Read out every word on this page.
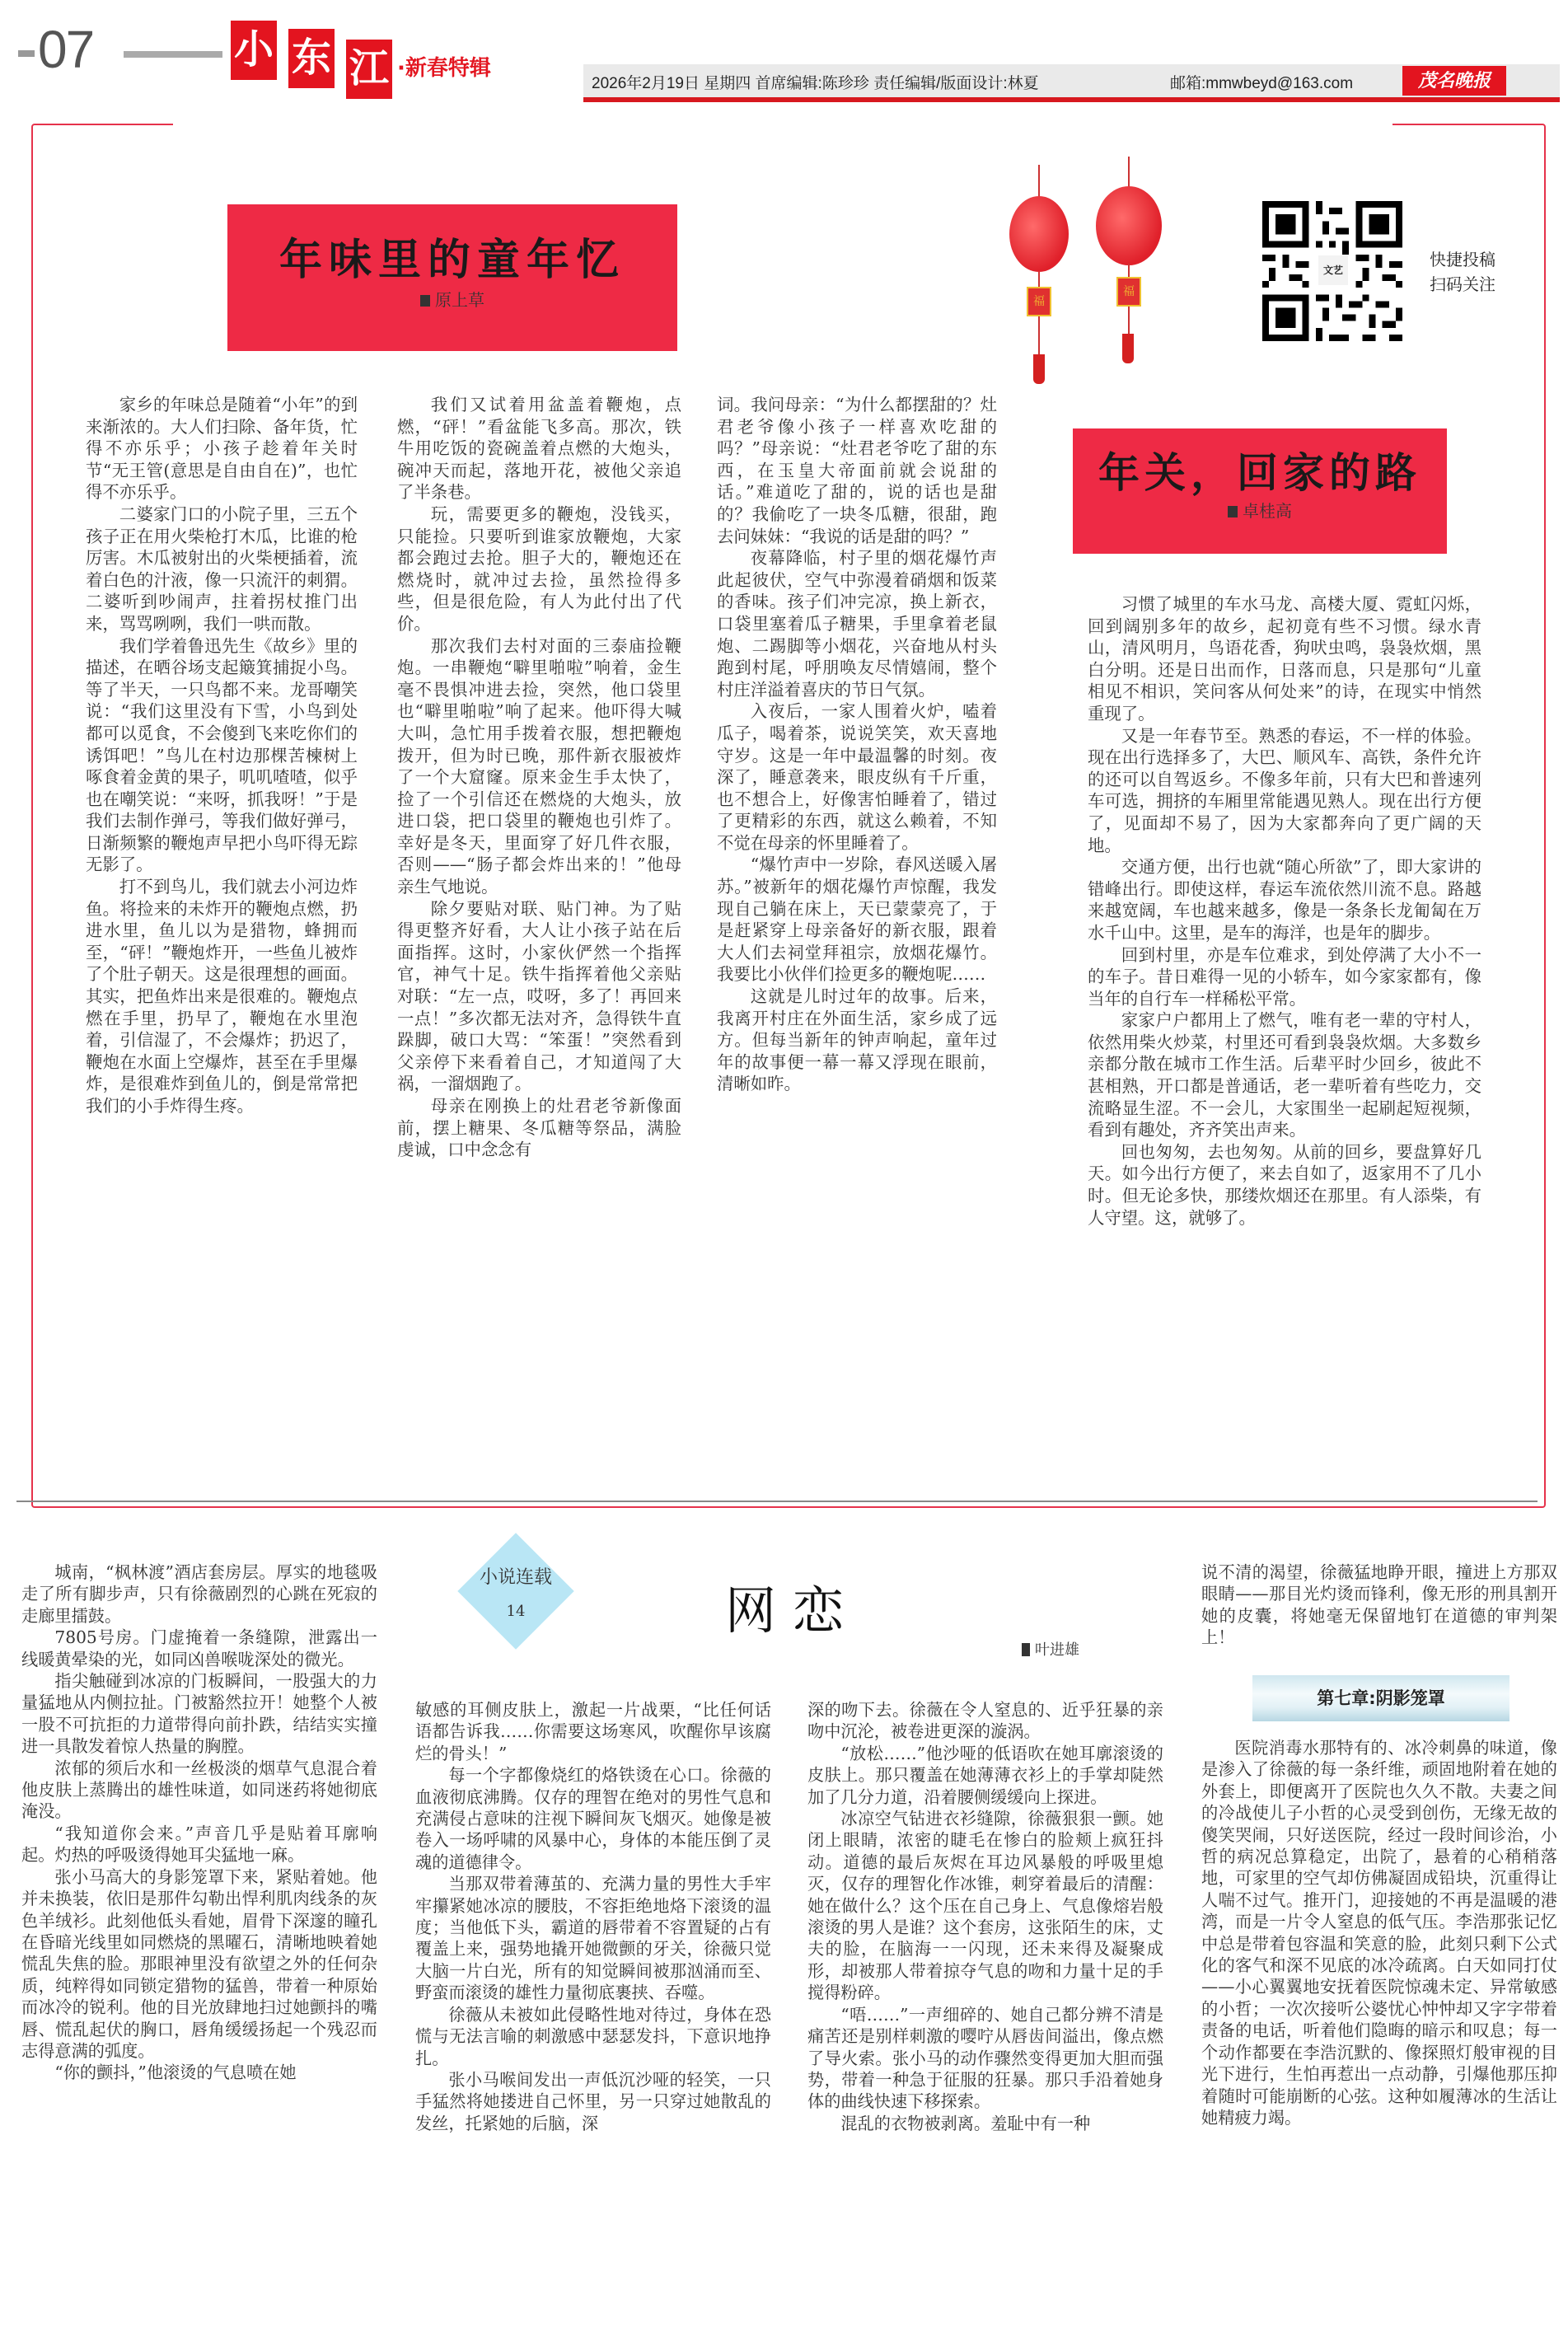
07	小 东 江 ·新春特辑
2026年2月19日 星期四 首席编辑:陈珍珍 责任编辑/版面设计:林夏	邮箱:mmwbeyd@163.com	茂名晚报
年味里的童年忆
原上草	福
福
文艺
快捷投稿
扫码关注

家乡的年味总是随着“小年”的到来渐浓的。大人们扫除、备年货，忙得不亦乐乎；小孩子趁着年关时节“无王管(意思是自由自在)”，也忙得不亦乐乎。

二婆家门口的小院子里，三五个孩子正在用火柴枪打木瓜，比谁的枪厉害。木瓜被射出的火柴梗插着，流着白色的汁液，像一只流汗的刺猬。二婆听到吵闹声，拄着拐杖推门出来，骂骂咧咧，我们一哄而散。

我们学着鲁迅先生《故乡》里的描述，在晒谷场支起簸箕捕捉小鸟。等了半天，一只鸟都不来。龙哥嘲笑说：“我们这里没有下雪，小鸟到处都可以觅食，不会傻到飞来吃你们的诱饵吧！”鸟儿在村边那棵苦楝树上啄食着金黄的果子，叽叽喳喳，似乎也在嘲笑说：“来呀，抓我呀！”于是我们去制作弹弓，等我们做好弹弓，日渐频繁的鞭炮声早把小鸟吓得无踪无影了。

打不到鸟儿，我们就去小河边炸鱼。将捡来的未炸开的鞭炮点燃，扔进水里，鱼儿以为是猎物，蜂拥而至，“砰！”鞭炮炸开，一些鱼儿被炸了个肚子朝天。这是很理想的画面。其实，把鱼炸出来是很难的。鞭炮点燃在手里，扔早了，鞭炮在水里泡着，引信湿了，不会爆炸；扔迟了，鞭炮在水面上空爆炸，甚至在手里爆炸，是很难炸到鱼儿的，倒是常常把我们的小手炸得生疼。

我们又试着用盆盖着鞭炮，点燃，“砰！”看盆能飞多高。那次，铁牛用吃饭的瓷碗盖着点燃的大炮头，碗冲天而起，落地开花，被他父亲追了半条巷。

玩，需要更多的鞭炮，没钱买，只能捡。只要听到谁家放鞭炮，大家都会跑过去抢。胆子大的，鞭炮还在燃烧时，就冲过去捡，虽然捡得多些，但是很危险，有人为此付出了代价。

那次我们去村对面的三泰庙捡鞭炮。一串鞭炮“噼里啪啦”响着，金生毫不畏惧冲进去捡，突然，他口袋里也“噼里啪啦”响了起来。他吓得大喊大叫，急忙用手拨着衣服，想把鞭炮拨开，但为时已晚，那件新衣服被炸了一个大窟窿。原来金生手太快了，捡了一个引信还在燃烧的大炮头，放进口袋，把口袋里的鞭炮也引炸了。幸好是冬天，里面穿了好几件衣服，否则——“肠子都会炸出来的！”他母亲生气地说。

除夕要贴对联、贴门神。为了贴得更整齐好看，大人让小孩子站在后面指挥。这时，小家伙俨然一个指挥官，神气十足。铁牛指挥着他父亲贴对联：“左一点，哎呀，多了！再回来一点！”多次都无法对齐，急得铁牛直跺脚，破口大骂：“笨蛋！”突然看到父亲停下来看着自己，才知道闯了大祸，一溜烟跑了。

母亲在刚换上的灶君老爷新像面前，摆上糖果、冬瓜糖等祭品，满脸虔诚，口中念念有

词。我问母亲：“为什么都摆甜的？灶君老爷像小孩子一样喜欢吃甜的吗？”母亲说：“灶君老爷吃了甜的东西，在玉皇大帝面前就会说甜的话。”难道吃了甜的，说的话也是甜的？我偷吃了一块冬瓜糖，很甜，跑去问妹妹：“我说的话是甜的吗？”

夜幕降临，村子里的烟花爆竹声此起彼伏，空气中弥漫着硝烟和饭菜的香味。孩子们冲完凉，换上新衣，口袋里塞着瓜子糖果，手里拿着老鼠炮、二踢脚等小烟花，兴奋地从村头跑到村尾，呼朋唤友尽情嬉闹，整个村庄洋溢着喜庆的节日气氛。

入夜后，一家人围着火炉，嗑着瓜子，喝着茶，说说笑笑，欢天喜地守岁。这是一年中最温馨的时刻。夜深了，睡意袭来，眼皮纵有千斤重，也不想合上，好像害怕睡着了，错过了更精彩的东西，就这么赖着，不知不觉在母亲的怀里睡着了。

“爆竹声中一岁除，春风送暖入屠苏。”被新年的烟花爆竹声惊醒，我发现自己躺在床上，天已蒙蒙亮了，于是赶紧穿上母亲备好的新衣服，跟着大人们去祠堂拜祖宗，放烟花爆竹。我要比小伙伴们捡更多的鞭炮呢……

这就是儿时过年的故事。后来，我离开村庄在外面生活，家乡成了远方。但每当新年的钟声响起，童年过年的故事便一幕一幕又浮现在眼前，清晰如昨。

年关，回家的路
卓桂高

习惯了城里的车水马龙、高楼大厦、霓虹闪烁，回到阔别多年的故乡，起初竟有些不习惯。绿水青山，清风明月，鸟语花香，狗吠虫鸣，袅袅炊烟，黑白分明。还是日出而作，日落而息，只是那句“儿童相见不相识，笑问客从何处来”的诗，在现实中悄然重现了。

又是一年春节至。熟悉的春运，不一样的体验。现在出行选择多了，大巴、顺风车、高铁，条件允许的还可以自驾返乡。不像多年前，只有大巴和普速列车可选，拥挤的车厢里常能遇见熟人。现在出行方便了，见面却不易了，因为大家都奔向了更广阔的天地。

交通方便，出行也就“随心所欲”了，即大家讲的错峰出行。即使这样，春运车流依然川流不息。路越来越宽阔，车也越来越多，像是一条条长龙匍匐在万水千山中。这里，是车的海洋，也是年的脚步。

回到村里，亦是车位难求，到处停满了大小不一的车子。昔日难得一见的小轿车，如今家家都有，像当年的自行车一样稀松平常。

家家户户都用上了燃气，唯有老一辈的守村人，依然用柴火炒菜，村里还可看到袅袅炊烟。大多数乡亲都分散在城市工作生活。后辈平时少回乡，彼此不甚相熟，开口都是普通话，老一辈听着有些吃力，交流略显生涩。不一会儿，大家围坐一起刷起短视频，看到有趣处，齐齐笑出声来。

回也匆匆，去也匆匆。从前的回乡，要盘算好几天。如今出行方便了，来去自如了，返家用不了几小时。但无论多快，那缕炊烟还在那里。有人添柴，有人守望。这，就够了。

小说连载
14	网恋
叶进雄

城南，“枫林渡”酒店套房层。厚实的地毯吸走了所有脚步声，只有徐薇剧烈的心跳在死寂的走廊里擂鼓。

7805号房。门虚掩着一条缝隙，泄露出一线暖黄晕染的光，如同凶兽喉咙深处的微光。

指尖触碰到冰凉的门板瞬间，一股强大的力量猛地从内侧拉扯。门被豁然拉开！她整个人被一股不可抗拒的力道带得向前扑跌，结结实实撞进一具散发着惊人热量的胸膛。

浓郁的须后水和一丝极淡的烟草气息混合着他皮肤上蒸腾出的雄性味道，如同迷药将她彻底淹没。

“我知道你会来。”声音几乎是贴着耳廓响起。灼热的呼吸烫得她耳尖猛地一麻。

张小马高大的身影笼罩下来，紧贴着她。他并未换装，依旧是那件勾勒出悍利肌肉线条的灰色羊绒衫。此刻他低头看她，眉骨下深邃的瞳孔在昏暗光线里如同燃烧的黑曜石，清晰地映着她慌乱失焦的脸。那眼神里没有欲望之外的任何杂质，纯粹得如同锁定猎物的猛兽，带着一种原始而冰冷的锐利。他的目光放肆地扫过她颤抖的嘴唇、慌乱起伏的胸口，唇角缓缓扬起一个残忍而志得意满的弧度。

“你的颤抖，”他滚烫的气息喷在她

敏感的耳侧皮肤上，激起一片战栗，“比任何话语都告诉我……你需要这场寒风，吹醒你早该腐烂的骨头！”

每一个字都像烧红的烙铁烫在心口。徐薇的血液彻底沸腾。仅存的理智在绝对的男性气息和充满侵占意味的注视下瞬间灰飞烟灭。她像是被卷入一场呼啸的风暴中心，身体的本能压倒了灵魂的道德律令。

当那双带着薄茧的、充满力量的男性大手牢牢攥紧她冰凉的腰肢，不容拒绝地烙下滚烫的温度；当他低下头，霸道的唇带着不容置疑的占有覆盖上来，强势地撬开她微颤的牙关，徐薇只觉大脑一片白光，所有的知觉瞬间被那汹涌而至、野蛮而滚烫的雄性力量彻底裹挟、吞噬。

徐薇从未被如此侵略性地对待过，身体在恐慌与无法言喻的刺激感中瑟瑟发抖，下意识地挣扎。

张小马喉间发出一声低沉沙哑的轻笑，一只手猛然将她搂进自己怀里，另一只穿过她散乱的发丝，托紧她的后脑，深

深的吻下去。徐薇在令人窒息的、近乎狂暴的亲吻中沉沦，被卷进更深的漩涡。

“放松……”他沙哑的低语吹在她耳廓滚烫的皮肤上。那只覆盖在她薄薄衣衫上的手掌却陡然加了几分力道，沿着腰侧缓缓向上探进。

冰凉空气钻进衣衫缝隙，徐薇狠狠一颤。她闭上眼睛，浓密的睫毛在惨白的脸颊上疯狂抖动。道德的最后灰烬在耳边风暴般的呼吸里熄灭，仅存的理智化作冰锥，刺穿着最后的清醒：她在做什么？这个压在自己身上、气息像熔岩般滚烫的男人是谁？这个套房，这张陌生的床，丈夫的脸，在脑海一一闪现，还未来得及凝聚成形，却被那人带着掠夺气息的吻和力量十足的手搅得粉碎。

“唔……”一声细碎的、她自己都分辨不清是痛苦还是别样刺激的嘤咛从唇齿间溢出，像点燃了导火索。张小马的动作骤然变得更加大胆而强势，带着一种急于征服的狂暴。那只手沿着她身体的曲线快速下移探索。

混乱的衣物被剥离。羞耻中有一种

说不清的渴望，徐薇猛地睁开眼，撞进上方那双眼睛——那目光灼烫而锋利，像无形的刑具割开她的皮囊，将她毫无保留地钉在道德的审判架上！

第七章:阴影笼罩

医院消毒水那特有的、冰冷刺鼻的味道，像是渗入了徐薇的每一条纤维，顽固地附着在她的外套上，即便离开了医院也久久不散。夫妻之间的冷战使儿子小哲的心灵受到创伤，无缘无故的傻笑哭闹，只好送医院，经过一段时间诊治，小哲的病况总算稳定，出院了，悬着的心稍稍落地，可家里的空气却仿佛凝固成铅块，沉重得让人喘不过气。推开门，迎接她的不再是温暖的港湾，而是一片令人窒息的低气压。李浩那张记忆中总是带着包容温和笑意的脸，此刻只剩下公式化的客气和深不见底的冰冷疏离。白天如同打仗——小心翼翼地安抚着医院惊魂未定、异常敏感的小哲；一次次接听公婆忧心忡忡却又字字带着责备的电话，听着他们隐晦的暗示和叹息；每一个动作都要在李浩沉默的、像探照灯般审视的目光下进行，生怕再惹出一点动静，引爆他那压抑着随时可能崩断的心弦。这种如履薄冰的生活让她精疲力竭。
